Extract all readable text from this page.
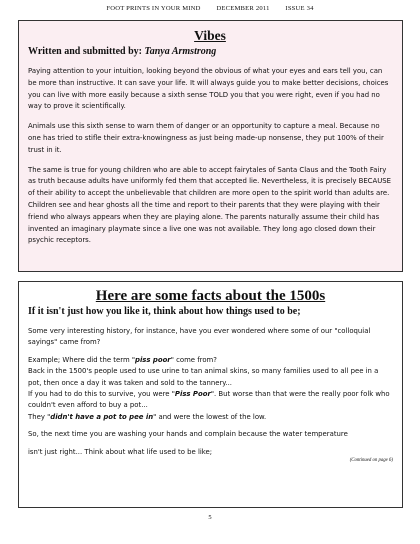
FOOT PRINTS IN YOUR MIND DECEMBER 2011 ISSUE 34
Vibes
Written and submitted by: Tanya Armstrong

Paying attention to your intuition, looking beyond the obvious of what your eyes and ears tell you, can be more than instructive. It can save your life. It will always guide you to make better decisions, choices you can live with more easily because a sixth sense TOLD you that you were right, even if you had no way to prove it scientifically.

Animals use this sixth sense to warn them of danger or an opportunity to capture a meal. Because no one has tried to stifle their extra-knowingness as just being made-up nonsense, they put 100% of their trust in it.

The same is true for young children who are able to accept fairytales of Santa Claus and the Tooth Fairy as truth because adults have uniformly fed them that accepted lie. Nevertheless, it is precisely BECAUSE of their ability to accept the unbelievable that children are more open to the spirit world than adults are. Children see and hear ghosts all the time and report to their parents that they were playing with their friend who always appears when they are playing alone. The parents naturally assume their child has invented an imaginary playmate since a live one was not available. They long ago closed down their psychic receptors.

Here are some facts about the 1500s
If it isn't just how you like it, think about how things used to be;

Some very interesting history, for instance, have you ever wondered where some of our "colloquial sayings" came from?

Example; Where did the term "piss poor" come from?

Back in the 1500's people used to use urine to tan animal skins, so many families used to all pee in a pot, then once a day it was taken and sold to the tannery...

If you had to do this to survive, you were "Piss Poor". But worse than that were the really poor folk who couldn't even afford to buy a pot...

They "didn't have a pot to pee in" and were the lowest of the low.

So, the next time you are washing your hands and complain because the water temperature

isn't just right... Think about what life used to be like;

(Continued on page 6)
5
